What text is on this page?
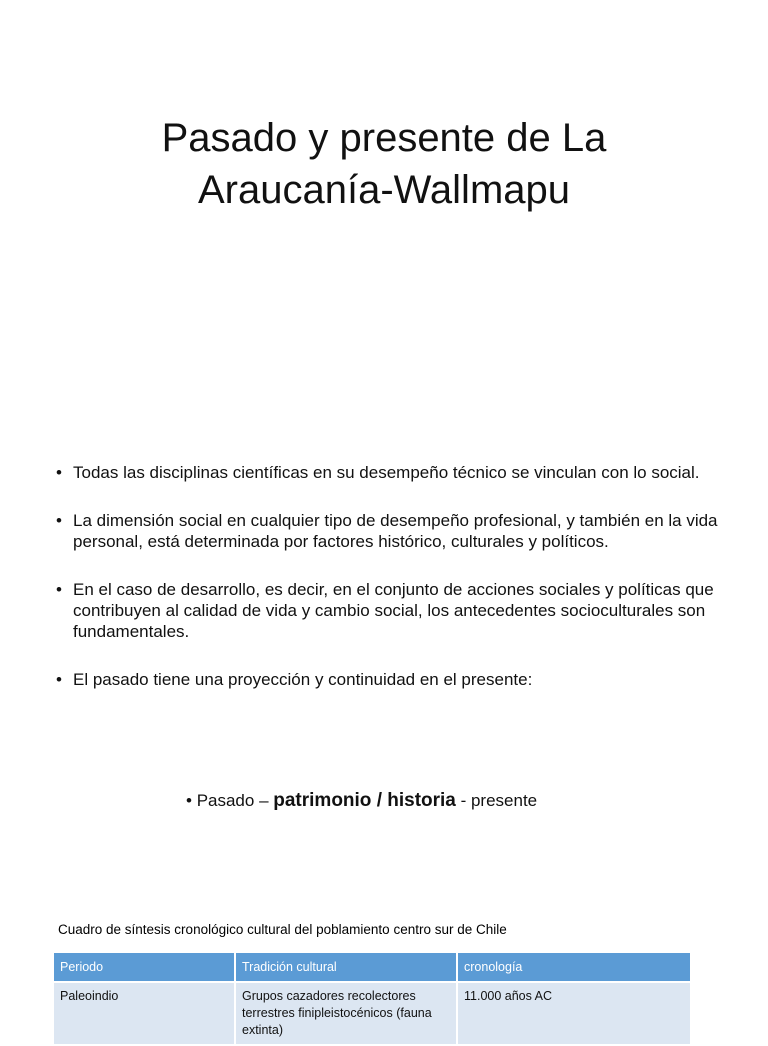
Pasado y presente de La
Araucanía-Wallmapu
• Todas las disciplinas científicas en su desempeño técnico se vinculan con lo social.
• La dimensión social en cualquier tipo de desempeño profesional, y también en la vida personal, está determinada por factores histórico, culturales y políticos.
• En el caso de desarrollo, es decir, en el conjunto de acciones sociales y políticas que contribuyen al calidad de vida y cambio social, los antecedentes socioculturales son fundamentales.
• El pasado tiene una proyección y continuidad en el presente:
• Pasado – patrimonio / historia - presente
Cuadro de síntesis cronológico cultural del poblamiento centro sur de Chile
Periodo	Tradición cultural	cronología
Paleoindio	Grupos cazadores recolectores terrestres finipleistocénicos (fauna extinta)	11.000 años AC
